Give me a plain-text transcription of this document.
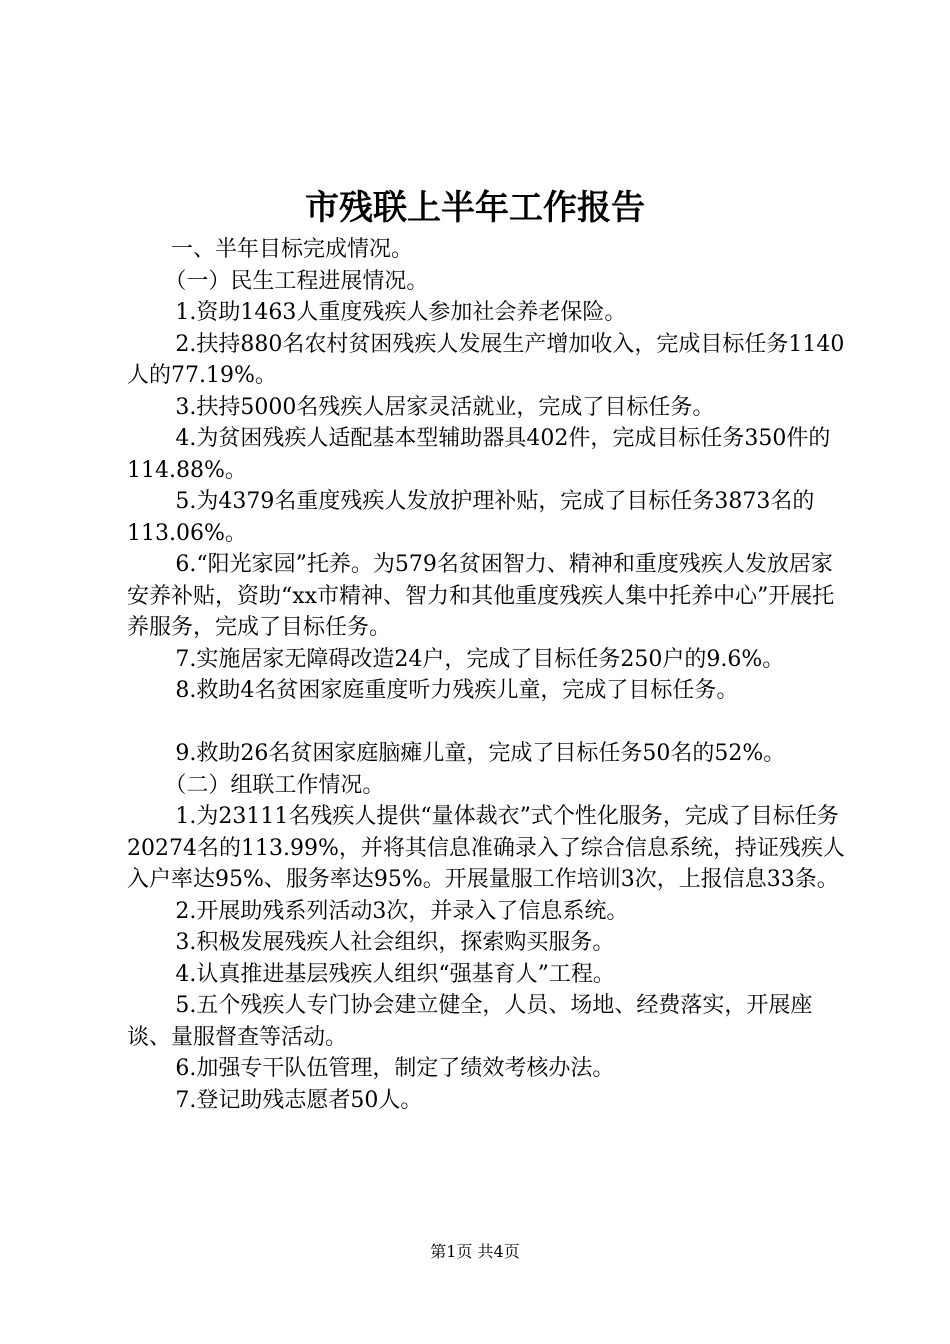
市残联上半年工作报告

一、半年目标完成情况。

（一）民生工程进展情况。

1.资助1463人重度残疾人参加社会养老保险。

2.扶持880名农村贫困残疾人发展生产增加收入，完成目标任务1140人的77.19%。

3.扶持5000名残疾人居家灵活就业，完成了目标任务。

4.为贫困残疾人适配基本型辅助器具402件，完成目标任务350件的114.88%。

5.为4379名重度残疾人发放护理补贴，完成了目标任务3873名的113.06%。

6.“阳光家园”托养。为579名贫困智力、精神和重度残疾人发放居家安养补贴，资助“xx市精神、智力和其他重度残疾人集中托养中心”开展托养服务，完成了目标任务。

7.实施居家无障碍改造24户，完成了目标任务250户的9.6%。

8.救助4名贫困家庭重度听力残疾儿童，完成了目标任务。

9.救助26名贫困家庭脑瘫儿童，完成了目标任务50名的52%。

（二）组联工作情况。

1.为23111名残疾人提供“量体裁衣”式个性化服务，完成了目标任务20274名的113.99%，并将其信息准确录入了综合信息系统，持证残疾人入户率达95%、服务率达95%。开展量服工作培训3次，上报信息33条。

2.开展助残系列活动3次，并录入了信息系统。

3.积极发展残疾人社会组织，探索购买服务。

4.认真推进基层残疾人组织“强基育人”工程。

5.五个残疾人专门协会建立健全，人员、场地、经费落实，开展座谈、量服督查等活动。

6.加强专干队伍管理，制定了绩效考核办法。

7.登记助残志愿者50人。

第1页 共4页
